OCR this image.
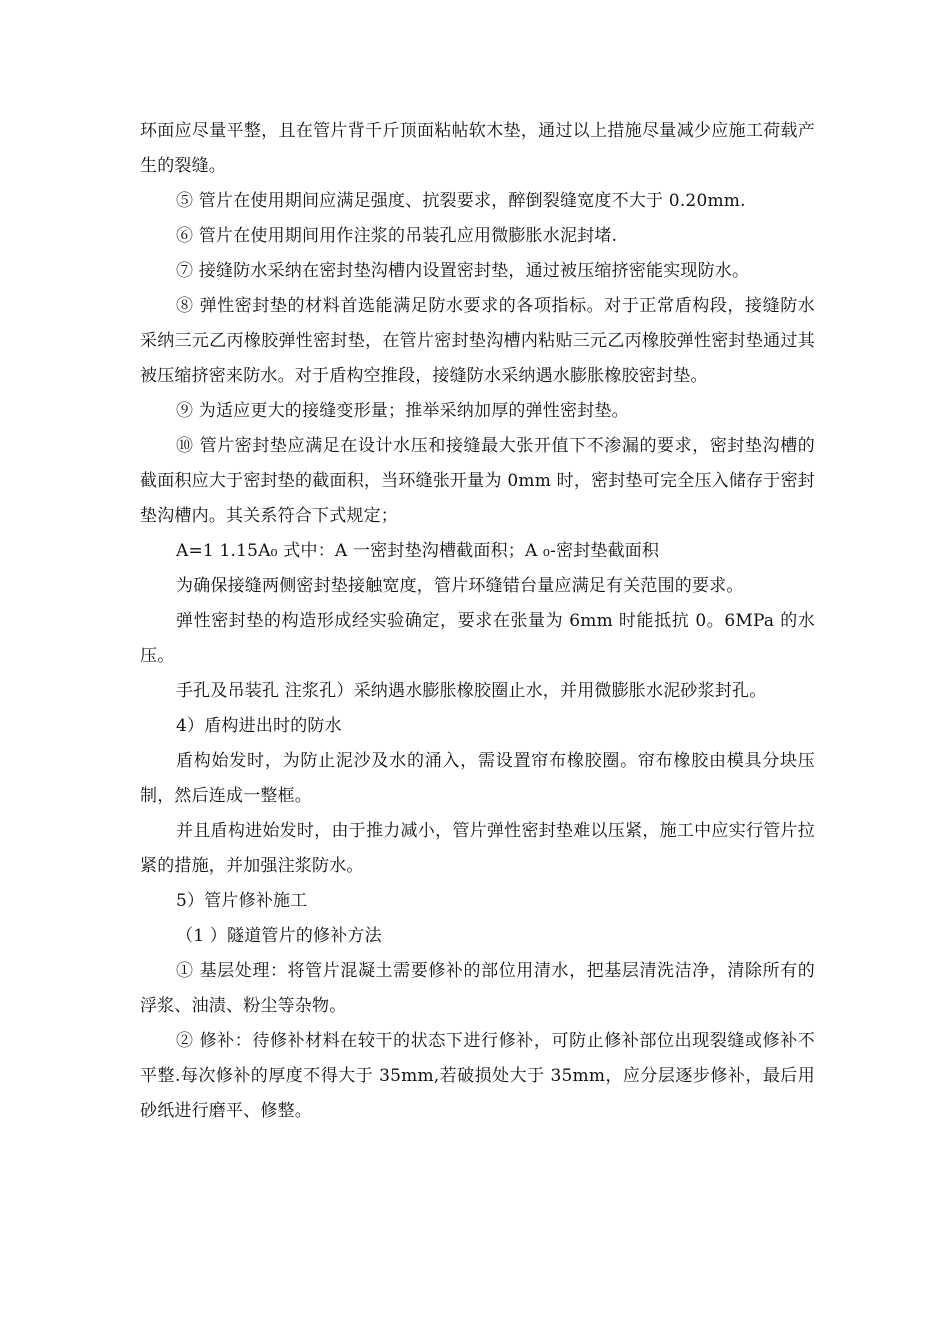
环面应尽量平整，且在管片背千斤顶面粘帖软木垫，通过以上措施尽量减少应施工荷载产生的裂缝。

⑤ 管片在使用期间应满足强度、抗裂要求，醉倒裂缝宽度不大于 0.20mm.

⑥ 管片在使用期间用作注浆的吊装孔应用微膨胀水泥封堵.

⑦ 接缝防水采纳在密封垫沟槽内设置密封垫，通过被压缩挤密能实现防水。

⑧ 弹性密封垫的材料首选能满足防水要求的各项指标。对于正常盾构段，接缝防水采纳三元乙丙橡胶弹性密封垫，在管片密封垫沟槽内粘贴三元乙丙橡胶弹性密封垫通过其被压缩挤密来防水。对于盾构空推段，接缝防水采纳遇水膨胀橡胶密封垫。

⑨ 为适应更大的接缝变形量；推举采纳加厚的弹性密封垫。

⑩ 管片密封垫应满足在设计水压和接缝最大张开值下不渗漏的要求，密封垫沟槽的截面积应大于密封垫的截面积，当环缝张开量为 0mm 时，密封垫可完全压入储存于密封垫沟槽内。其关系符合下式规定；

A=1 1.15A₀ 式中：A 一密封垫沟槽截面积；A ₀-密封垫截面积

为确保接缝两侧密封垫接触宽度，管片环缝错台量应满足有关范围的要求。

弹性密封垫的构造形成经实验确定，要求在张量为 6mm 时能抵抗 0。6MPa 的水压。

手孔及吊装孔 注浆孔）采纳遇水膨胀橡胶圈止水，并用微膨胀水泥砂浆封孔。

4）盾构进出时的防水

盾构始发时，为防止泥沙及水的涌入，需设置帘布橡胶圈。帘布橡胶由模具分块压制，然后连成一整框。

并且盾构进始发时，由于推力减小，管片弹性密封垫难以压紧，施工中应实行管片拉紧的措施，并加强注浆防水。

5）管片修补施工

（1 ）隧道管片的修补方法

① 基层处理：将管片混凝土需要修补的部位用清水，把基层清洗洁净，清除所有的浮浆、油渍、粉尘等杂物。

② 修补：待修补材料在较干的状态下进行修补，可防止修补部位出现裂缝或修补不平整.每次修补的厚度不得大于 35mm,若破损处大于 35mm，应分层逐步修补，最后用砂纸进行磨平、修整。
